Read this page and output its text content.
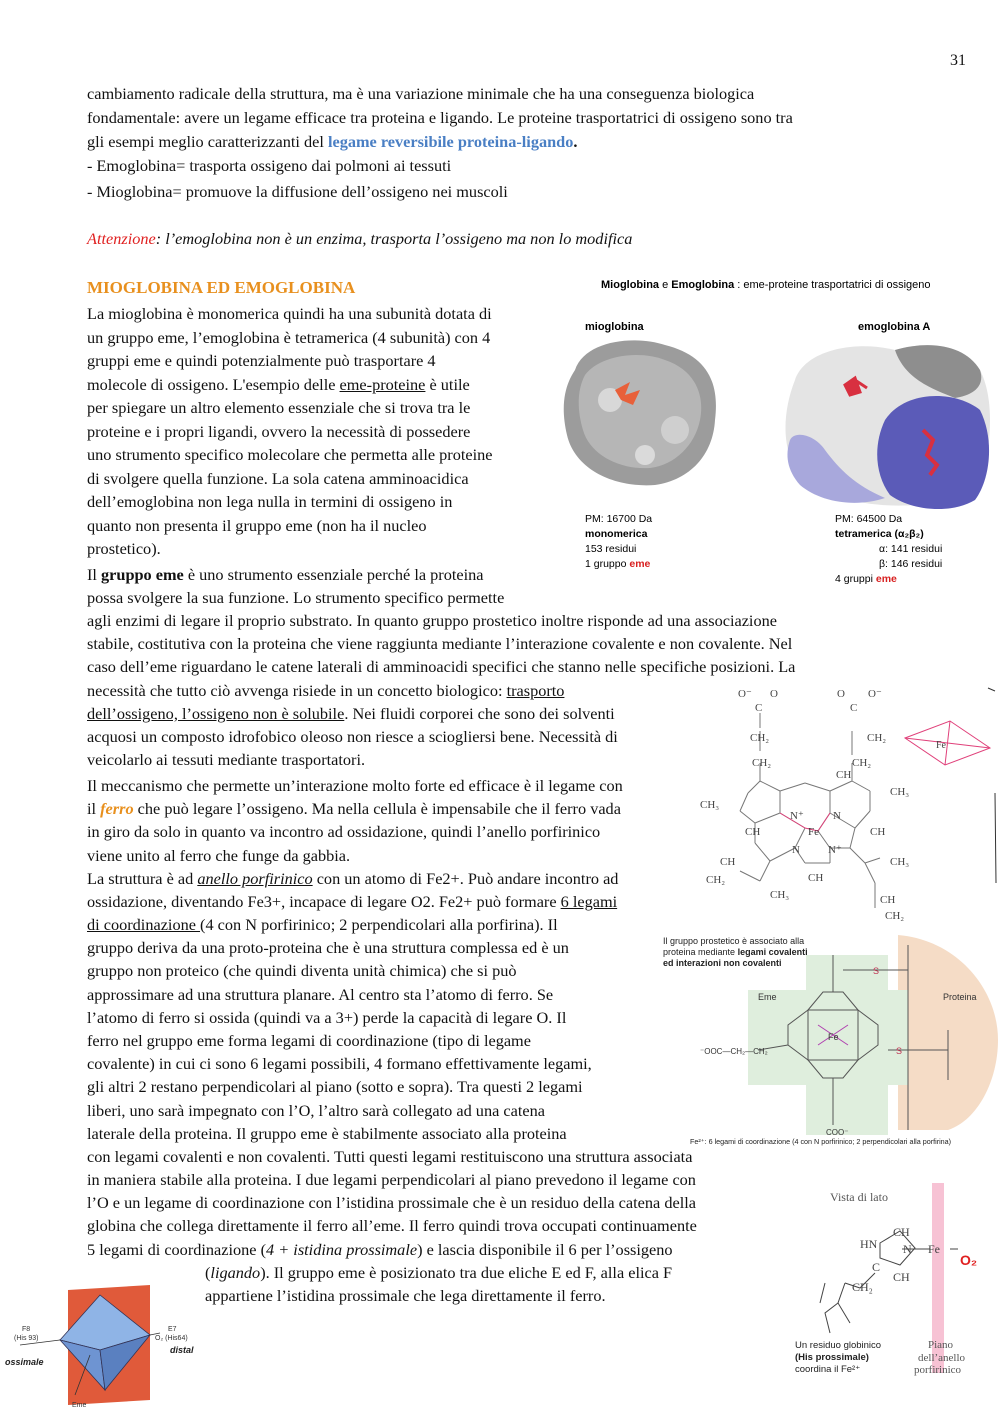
31
cambiamento radicale della struttura, ma è una variazione minimale che ha una conseguenza biologica
fondamentale: avere un legame efficace tra proteina e ligando. Le proteine trasportatrici di ossigeno sono tra
gli esempi meglio caratterizzanti del legame reversibile proteina-ligando.
- Emoglobina= trasporta ossigeno dai polmoni ai tessuti
- Mioglobina= promuove la diffusione dell’ossigeno nei muscoli
Attenzione: l’emoglobina non è un enzima, trasporta l’ossigeno ma non lo modifica
MIOGLOBINA ED EMOGLOBINA
La mioglobina è monomerica quindi ha una subunità dotata di
un gruppo eme, l’emoglobina è tetramerica (4 subunità) con 4
gruppi eme e quindi potenzialmente può trasportare 4
molecole di ossigeno. L'esempio delle eme-proteine è utile
per spiegare un altro elemento essenziale che si trova tra le
proteine e i propri ligandi, ovvero la necessità di possedere
uno strumento specifico molecolare che permetta alle proteine
di svolgere quella funzione. La sola catena amminoacidica
dell’emoglobina non lega nulla in termini di ossigeno in
quanto non presenta il gruppo eme (non ha il nucleo
prostetico).
Il gruppo eme è uno strumento essenziale perché la proteina
possa svolgere la sua funzione. Lo strumento specifico permette
agli enzimi di legare il proprio substrato. In quanto gruppo prostetico inoltre risponde ad una associazione
stabile, costitutiva con la proteina che viene raggiunta mediante l’interazione covalente e non covalente. Nel
caso dell’eme riguardano le catene laterali di amminoacidi specifici che stanno nelle specifiche posizioni. La
necessità che tutto ciò avvenga risiede in un concetto biologico: trasporto
dell’ossigeno, l’ossigeno non è solubile. Nei fluidi corporei che sono dei solventi
acquosi un composto idrofobico oleoso non riesce a sciogliersi bene. Necessità di
veicolarlo ai tessuti mediante trasportatori.
Il meccanismo che permette un’interazione molto forte ed efficace è il legame con
il ferro che può legare l’ossigeno. Ma nella cellula è impensabile che il ferro vada
in giro da solo in quanto va incontro ad ossidazione, quindi l’anello porfirinico
viene unito al ferro che funge da gabbia.
La struttura è ad anello porfirinico con un atomo di Fe2+. Può andare incontro ad
ossidazione, diventando Fe3+, incapace di legare O2. Fe2+ può formare 6 legami
di coordinazione (4 con N porfirinico; 2 perpendicolari alla porfirina). Il
gruppo deriva da una proto-proteina che è una struttura complessa ed è un
gruppo non proteico (che quindi diventa unità chimica) che si può
approssimare ad una struttura planare. Al centro sta l’atomo di ferro. Se
l’atomo di ferro si ossida (quindi va a 3+) perde la capacità di legare O. Il
ferro nel gruppo eme forma legami di coordinazione (tipo di legame
covalente) in cui ci sono 6 legami possibili, 4 formano effettivamente legami,
gli altri 2 restano perpendicolari al piano (sotto e sopra). Tra questi 2 legami
liberi, uno sarà impegnato con l’O, l’altro sarà collegato ad una catena
laterale della proteina. Il gruppo eme è stabilmente associato alla proteina
con legami covalenti e non covalenti. Tutti questi legami restituiscono una struttura associata
in maniera stabile alla proteina. I due legami perpendicolari al piano prevedono il legame con
l’O e un legame di coordinazione con l’istidina prossimale che è un residuo della catena della
globina che collega direttamente il ferro all’eme. Il ferro quindi trova occupati continuamente
5 legami di coordinazione (4 + istidina prossimale) e lascia disponibile il 6 per l’ossigeno
(ligando). Il gruppo eme è posizionato tra due eliche E ed F, alla elica F
appartiene l’istidina prossimale che lega direttamente il ferro.
Mioglobina e Emoglobina : eme-proteine trasportatrici di ossigeno
mioglobina	emoglobina A
PM: 16700 Da
monomerica
153 residui
1 gruppo eme
PM: 64500 Da
tetramerica (α₂β₂)
α: 141 residui
β: 146 residui
4 gruppi eme
O⁻ O	O O⁻
C	C
CH₂	CH₂
CH₂	CH₂
CH
CH₃
CH₃
N⁺	N
Fe	CH
CH
N	N⁺
CH	CH₃
CH₂	CH
CH₃	CH
CH₂
Fe
Il gruppo prostetico è associato alla
proteina mediante legami covalenti
ed interazioni non covalenti
Eme	Proteina
Fe
S
S
⁻OOC—CH₂—CH₂
COO⁻
Fe²⁺: 6 legami di coordinazione (4 con N porfirinico; 2 perpendicolari alla porfirina)
Vista di lato
HN
CH
N Fe
O₂
C
CH
CH₂
Un residuo globinico
(His prossimale)
coordina il Fe²⁺
Piano
dell’anello
porfirinico
F8
(His 93)
E7
O₂ (His64)
distal
ossimale
Eme
